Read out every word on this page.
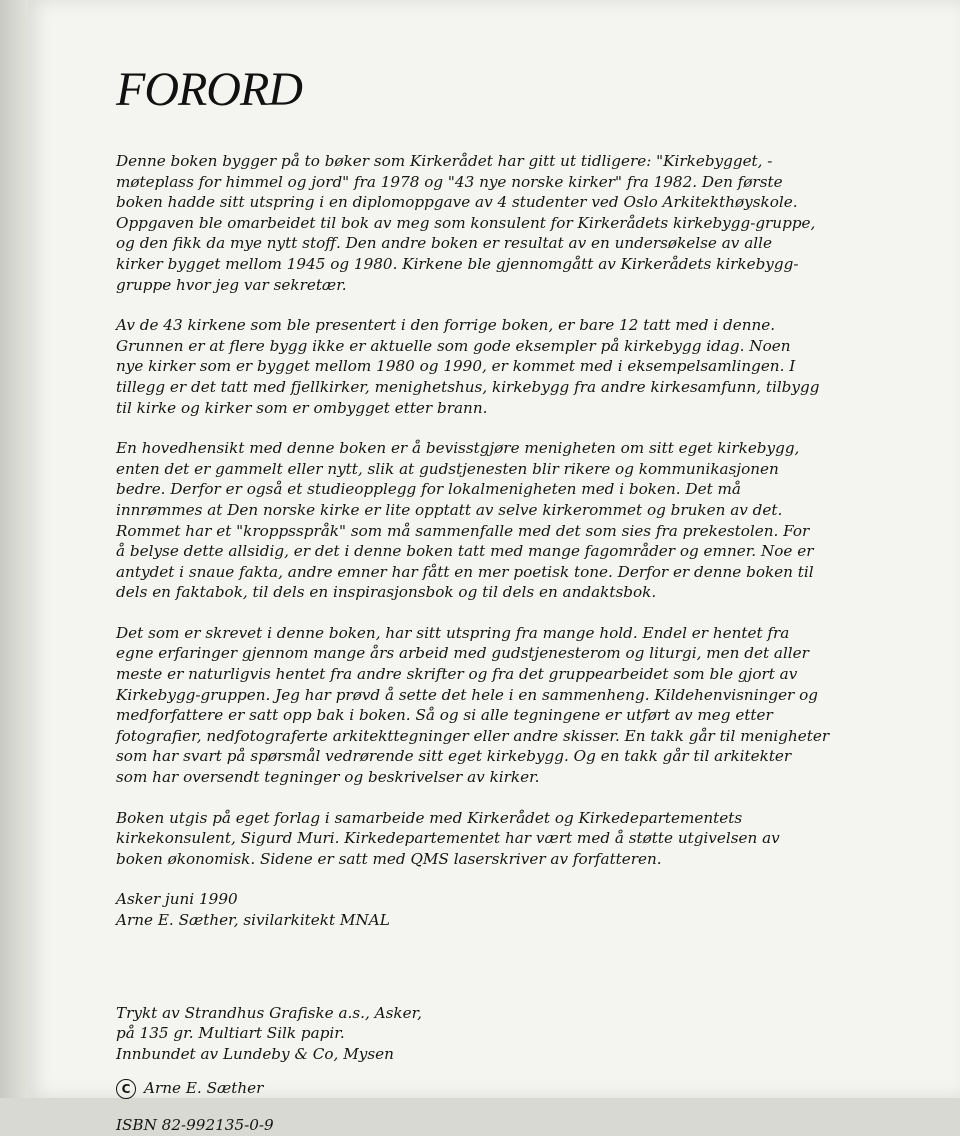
FORORD
Denne boken bygger på to bøker som Kirkerådet har gitt ut tidligere: "Kirkebygget, -
møteplass for himmel og jord" fra 1978 og "43 nye norske kirker" fra 1982. Den første
boken hadde sitt utspring i en diplomoppgave av 4 studenter ved Oslo Arkitekthøyskole.
Oppgaven ble omarbeidet til bok av meg som konsulent for Kirkerådets kirkebygg-gruppe,
og den fikk da mye nytt stoff. Den andre boken er resultat av en undersøkelse av alle
kirker bygget mellom 1945 og 1980. Kirkene ble gjennomgått av Kirkerådets kirkebygg-
gruppe hvor jeg var sekretær.
Av de 43 kirkene som ble presentert i den forrige boken, er bare 12 tatt med i denne.
Grunnen er at flere bygg ikke er aktuelle som gode eksempler på kirkebygg idag. Noen
nye kirker som er bygget mellom 1980 og 1990, er kommet med i eksempelsamlingen. I
tillegg er det tatt med fjellkirker, menighetshus, kirkebygg fra andre kirkesamfunn, tilbygg
til kirke og kirker som er ombygget etter brann.
En hovedhensikt med denne boken er å bevisstgjøre menigheten om sitt eget kirkebygg,
enten det er gammelt eller nytt, slik at gudstjenesten blir rikere og kommunikasjonen
bedre. Derfor er også et studieopplegg for lokalmenigheten med i boken. Det må
innrømmes at Den norske kirke er lite opptatt av selve kirkerommet og bruken av det.
Rommet har et "kroppsspråk" som må sammenfalle med det som sies fra prekestolen. For
å belyse dette allsidig, er det i denne boken tatt med mange fagområder og emner. Noe er
antydet i snaue fakta, andre emner har fått en mer poetisk tone. Derfor er denne boken til
dels en faktabok, til dels en inspirasjonsbok og til dels en andaktsbok.
Det som er skrevet i denne boken, har sitt utspring fra mange hold. Endel er hentet fra
egne erfaringer gjennom mange års arbeid med gudstjenesterom og liturgi, men det aller
meste er naturligvis hentet fra andre skrifter og fra det gruppearbeidet som ble gjort av
Kirkebygg-gruppen. Jeg har prøvd å sette det hele i en sammenheng. Kildehenvisninger og
medforfattere er satt opp bak i boken. Så og si alle tegningene er utført av meg etter
fotografier, nedfotograferte arkitekttegninger eller andre skisser. En takk går til menigheter
som har svart på spørsmål vedrørende sitt eget kirkebygg. Og en takk går til arkitekter
som har oversendt tegninger og beskrivelser av kirker.
Boken utgis på eget forlag i samarbeide med Kirkerådet og Kirkedepartementets
kirkekonsulent, Sigurd Muri. Kirkedepartementet har vært med å støtte utgivelsen av
boken økonomisk. Sidene er satt med QMS laserskriver av forfatteren.
Asker juni 1990
Arne E. Sæther, sivilarkitekt MNAL
Trykt av Strandhus Grafiske a.s., Asker,
på 135 gr. Multiart Silk papir.
Innbundet av Lundeby & Co, Mysen
C Arne E. Sæther
ISBN 82-992135-0-9
